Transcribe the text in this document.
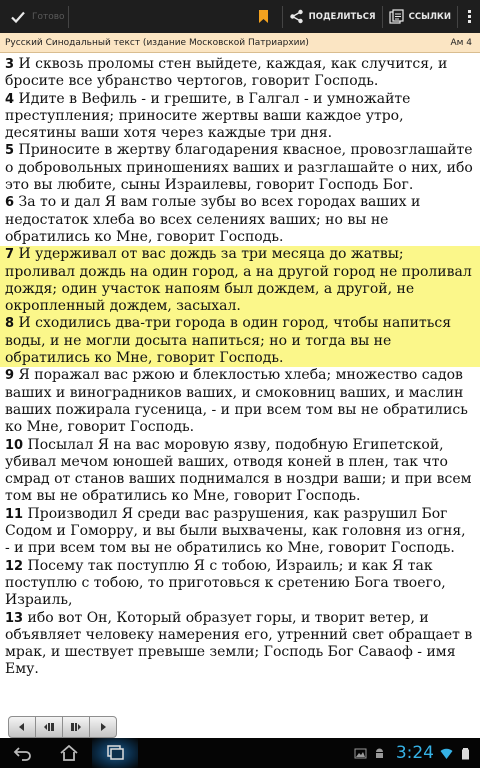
Готово	ПОДЕЛИТЬСЯ	ССЫЛКИ
Русский Синодальный текст (издание Московской Патриархии)	Ам 4

3 И сквозь проломы стен выйдете, каждая, как случится, и бросите все убранство чертогов, говорит Господь.

4 Идите в Вефиль - и грешите, в Галгал - и умножайте преступления; приносите жертвы ваши каждое утро, десятины ваши хотя через каждые три дня.

5 Приносите в жертву благодарения квасное, провозглашайте о добровольных приношениях ваших и разглашайте о них, ибо это вы любите, сыны Израилевы, говорит Господь Бог.

6 За то и дал Я вам голые зубы во всех городах ваших и недостаток хлеба во всех селениях ваших; но вы не обратились ко Мне, говорит Господь.

7 И удерживал от вас дождь за три месяца до жатвы; проливал дождь на один город, а на другой город не проливал дождя; один участок напоям был дождем, а другой, не окропленный дождем, засыхал.

8 И сходились два-три города в один город, чтобы напиться воды, и не могли досыта напиться; но и тогда вы не обратились ко Мне, говорит Господь.

9 Я поражал вас ржою и блеклостью хлеба; множество садов ваших и виноградников ваших, и смоковниц ваших, и маслин ваших пожирала гусеница, - и при всем том вы не обратились ко Мне, говорит Господь.

10 Посылал Я на вас моровую язву, подобную Египетской, убивал мечом юношей ваших, отводя коней в плен, так что смрад от станов ваших поднимался в ноздри ваши; и при всем том вы не обратились ко Мне, говорит Господь.

11 Производил Я среди вас разрушения, как разрушил Бог Содом и Гоморру, и вы были выхвачены, как головня из огня, - и при всем том вы не обратились ко Мне, говорит Господь.

12 Посему так поступлю Я с тобою, Израиль; и как Я так поступлю с тобою, то приготовься к сретению Бога твоего, Израиль,

13 ибо вот Он, Который образует горы, и творит ветер, и объявляет человеку намерения его, утренний свет обращает в мрак, и шествует превыше земли; Господь Бог Саваоф - имя Ему.

3:24
